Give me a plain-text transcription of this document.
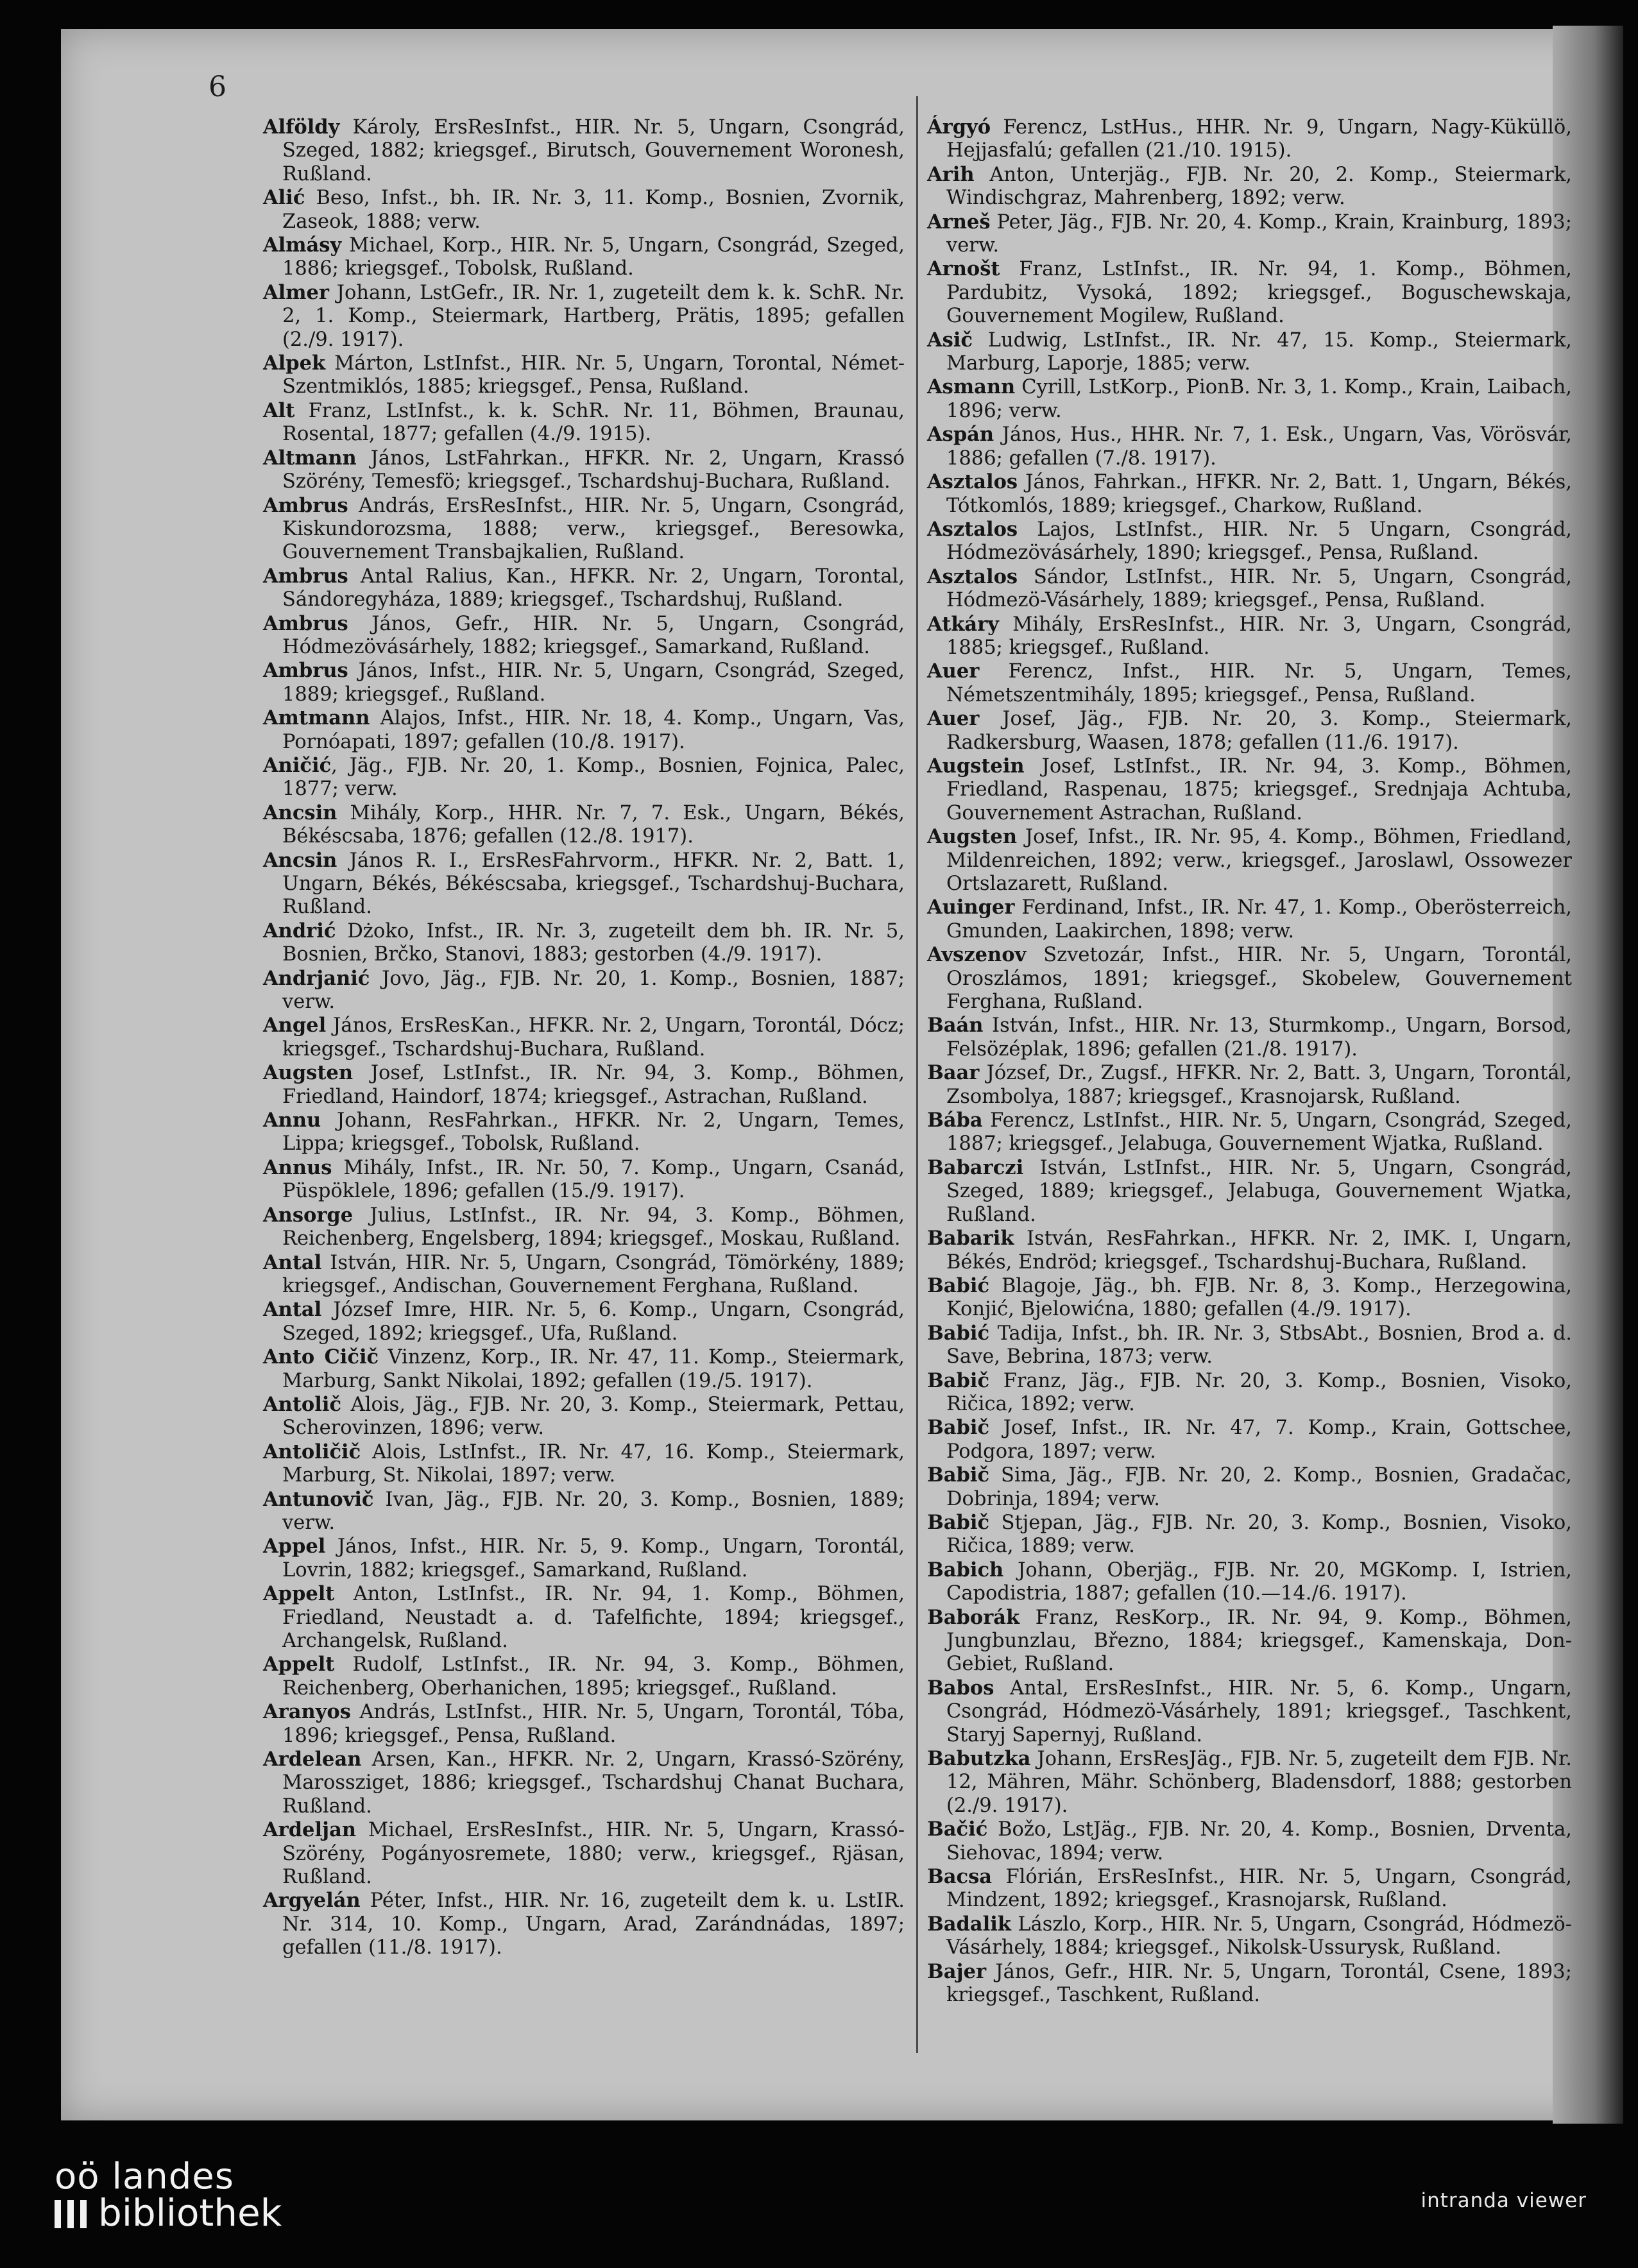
6

Alföldy Károly, ErsResInfst., HIR. Nr. 5, Ungarn, Csongrád, Szeged, 1882; kriegsgef., Birutsch, Gouvernement Woronesh, Rußland.

Alić Beso, Infst., bh. IR. Nr. 3, 11. Komp., Bosnien, Zvornik, Zaseok, 1888; verw.

Almásy Michael, Korp., HIR. Nr. 5, Ungarn, Csongrád, Szeged, 1886; kriegsgef., Tobolsk, Rußland.

Almer Johann, LstGefr., IR. Nr. 1, zugeteilt dem k. k. SchR. Nr. 2, 1. Komp., Steiermark, Hartberg, Prätis, 1895; gefallen (2./9. 1917).

Alpek Márton, LstInfst., HIR. Nr. 5, Ungarn, Torontal, Német-Szentmiklós, 1885; kriegsgef., Pensa, Rußland.

Alt Franz, LstInfst., k. k. SchR. Nr. 11, Böhmen, Braunau, Rosental, 1877; gefallen (4./9. 1915).

Altmann János, LstFahrkan., HFKR. Nr. 2, Ungarn, Krassó Szörény, Temesfö; kriegsgef., Tschardshuj-Buchara, Rußland.

Ambrus András, ErsResInfst., HIR. Nr. 5, Ungarn, Csongrád, Kiskundorozsma, 1888; verw., kriegsgef., Beresowka, Gouvernement Transbajkalien, Rußland.

Ambrus Antal Ralius, Kan., HFKR. Nr. 2, Ungarn, Torontal, Sándoregyháza, 1889; kriegsgef., Tschardshuj, Rußland.

Ambrus János, Gefr., HIR. Nr. 5, Ungarn, Csongrád, Hódmezövásárhely, 1882; kriegsgef., Samarkand, Rußland.

Ambrus János, Infst., HIR. Nr. 5, Ungarn, Csongrád, Szeged, 1889; kriegsgef., Rußland.

Amtmann Alajos, Infst., HIR. Nr. 18, 4. Komp., Ungarn, Vas, Pornóapati, 1897; gefallen (10./8. 1917).

Aničić, Jäg., FJB. Nr. 20, 1. Komp., Bosnien, Fojnica, Palec, 1877; verw.

Ancsin Mihály, Korp., HHR. Nr. 7, 7. Esk., Ungarn, Békés, Békéscsaba, 1876; gefallen (12./8. 1917).

Ancsin János R. I., ErsResFahrvorm., HFKR. Nr. 2, Batt. 1, Ungarn, Békés, Békéscsaba, kriegsgef., Tschardshuj-Buchara, Rußland.

Andrić Dżoko, Infst., IR. Nr. 3, zugeteilt dem bh. IR. Nr. 5, Bosnien, Brčko, Stanovi, 1883; gestorben (4./9. 1917).

Andrjanić Jovo, Jäg., FJB. Nr. 20, 1. Komp., Bosnien, 1887; verw.

Angel János, ErsResKan., HFKR. Nr. 2, Ungarn, Torontál, Dócz; kriegsgef., Tschardshuj-Buchara, Rußland.

Augsten Josef, LstInfst., IR. Nr. 94, 3. Komp., Böhmen, Friedland, Haindorf, 1874; kriegsgef., Astrachan, Rußland.

Annu Johann, ResFahrkan., HFKR. Nr. 2, Ungarn, Temes, Lippa; kriegsgef., Tobolsk, Rußland.

Annus Mihály, Infst., IR. Nr. 50, 7. Komp., Ungarn, Csanád, Püspöklele, 1896; gefallen (15./9. 1917).

Ansorge Julius, LstInfst., IR. Nr. 94, 3. Komp., Böhmen, Reichenberg, Engelsberg, 1894; kriegsgef., Moskau, Rußland.

Antal István, HIR. Nr. 5, Ungarn, Csongrád, Tömörkény, 1889; kriegsgef., Andischan, Gouvernement Ferghana, Rußland.

Antal József Imre, HIR. Nr. 5, 6. Komp., Ungarn, Csongrád, Szeged, 1892; kriegsgef., Ufa, Rußland.

Anto Cičič Vinzenz, Korp., IR. Nr. 47, 11. Komp., Steiermark, Marburg, Sankt Nikolai, 1892; gefallen (19./5. 1917).

Antolič Alois, Jäg., FJB. Nr. 20, 3. Komp., Steiermark, Pettau, Scherovinzen, 1896; verw.

Antoličič Alois, LstInfst., IR. Nr. 47, 16. Komp., Steiermark, Marburg, St. Nikolai, 1897; verw.

Antunovič Ivan, Jäg., FJB. Nr. 20, 3. Komp., Bosnien, 1889; verw.

Appel János, Infst., HIR. Nr. 5, 9. Komp., Ungarn, Torontál, Lovrin, 1882; kriegsgef., Samarkand, Rußland.

Appelt Anton, LstInfst., IR. Nr. 94, 1. Komp., Böhmen, Friedland, Neustadt a. d. Tafelfichte, 1894; kriegsgef., Archangelsk, Rußland.

Appelt Rudolf, LstInfst., IR. Nr. 94, 3. Komp., Böhmen, Reichenberg, Oberhanichen, 1895; kriegsgef., Rußland.

Aranyos András, LstInfst., HIR. Nr. 5, Ungarn, Torontál, Tóba, 1896; kriegsgef., Pensa, Rußland.

Ardelean Arsen, Kan., HFKR. Nr. 2, Ungarn, Krassó-Szörény, Marossziget, 1886; kriegsgef., Tschardshuj Chanat Buchara, Rußland.

Ardeljan Michael, ErsResInfst., HIR. Nr. 5, Ungarn, Krassó-Szörény, Pogányosremete, 1880; verw., kriegsgef., Rjäsan, Rußland.

Argyelán Péter, Infst., HIR. Nr. 16, zugeteilt dem k. u. LstIR. Nr. 314, 10. Komp., Ungarn, Arad, Zarándnádas, 1897; gefallen (11./8. 1917).

Árgyó Ferencz, LstHus., HHR. Nr. 9, Ungarn, Nagy-Küküllö, Hejjasfalú; gefallen (21./10. 1915).

Arih Anton, Unterjäg., FJB. Nr. 20, 2. Komp., Steiermark, Windischgraz, Mahrenberg, 1892; verw.

Arneš Peter, Jäg., FJB. Nr. 20, 4. Komp., Krain, Krainburg, 1893; verw.

Arnošt Franz, LstInfst., IR. Nr. 94, 1. Komp., Böhmen, Pardubitz, Vysoká, 1892; kriegsgef., Boguschewskaja, Gouvernement Mogilew, Rußland.

Asič Ludwig, LstInfst., IR. Nr. 47, 15. Komp., Steiermark, Marburg, Laporje, 1885; verw.

Asmann Cyrill, LstKorp., PionB. Nr. 3, 1. Komp., Krain, Laibach, 1896; verw.

Aspán János, Hus., HHR. Nr. 7, 1. Esk., Ungarn, Vas, Vörösvár, 1886; gefallen (7./8. 1917).

Asztalos János, Fahrkan., HFKR. Nr. 2, Batt. 1, Ungarn, Békés, Tótkomlós, 1889; kriegsgef., Charkow, Rußland.

Asztalos Lajos, LstInfst., HIR. Nr. 5 Ungarn, Csongrád, Hódmezövásárhely, 1890; kriegsgef., Pensa, Rußland.

Asztalos Sándor, LstInfst., HIR. Nr. 5, Ungarn, Csongrád, Hódmezö-Vásárhely, 1889; kriegsgef., Pensa, Rußland.

Atkáry Mihály, ErsResInfst., HIR. Nr. 3, Ungarn, Csongrád, 1885; kriegsgef., Rußland.

Auer Ferencz, Infst., HIR. Nr. 5, Ungarn, Temes, Németszentmihály, 1895; kriegsgef., Pensa, Rußland.

Auer Josef, Jäg., FJB. Nr. 20, 3. Komp., Steiermark, Radkersburg, Waasen, 1878; gefallen (11./6. 1917).

Augstein Josef, LstInfst., IR. Nr. 94, 3. Komp., Böhmen, Friedland, Raspenau, 1875; kriegsgef., Srednjaja Achtuba, Gouvernement Astrachan, Rußland.

Augsten Josef, Infst., IR. Nr. 95, 4. Komp., Böhmen, Friedland, Mildenreichen, 1892; verw., kriegsgef., Jaroslawl, Ossowezer Ortslazarett, Rußland.

Auinger Ferdinand, Infst., IR. Nr. 47, 1. Komp., Oberösterreich, Gmunden, Laakirchen, 1898; verw.

Avszenov Szvetozár, Infst., HIR. Nr. 5, Ungarn, Torontál, Oroszlámos, 1891; kriegsgef., Skobelew, Gouvernement Ferghana, Rußland.

Baán István, Infst., HIR. Nr. 13, Sturmkomp., Ungarn, Borsod, Felsözéplak, 1896; gefallen (21./8. 1917).

Baar József, Dr., Zugsf., HFKR. Nr. 2, Batt. 3, Ungarn, Torontál, Zsombolya, 1887; kriegsgef., Krasnojarsk, Rußland.

Bába Ferencz, LstInfst., HIR. Nr. 5, Ungarn, Csongrád, Szeged, 1887; kriegsgef., Jelabuga, Gouvernement Wjatka, Rußland.

Babarczi István, LstInfst., HIR. Nr. 5, Ungarn, Csongrád, Szeged, 1889; kriegsgef., Jelabuga, Gouvernement Wjatka, Rußland.

Babarik István, ResFahrkan., HFKR. Nr. 2, IMK. I, Ungarn, Békés, Endröd; kriegsgef., Tschardshuj-Buchara, Rußland.

Babić Blagoje, Jäg., bh. FJB. Nr. 8, 3. Komp., Herzegowina, Konjić, Bjelowićna, 1880; gefallen (4./9. 1917).

Babić Tadija, Infst., bh. IR. Nr. 3, StbsAbt., Bosnien, Brod a. d. Save, Bebrina, 1873; verw.

Babič Franz, Jäg., FJB. Nr. 20, 3. Komp., Bosnien, Visoko, Ričica, 1892; verw.

Babič Josef, Infst., IR. Nr. 47, 7. Komp., Krain, Gottschee, Podgora, 1897; verw.

Babič Sima, Jäg., FJB. Nr. 20, 2. Komp., Bosnien, Gradačac, Dobrinja, 1894; verw.

Babič Stjepan, Jäg., FJB. Nr. 20, 3. Komp., Bosnien, Visoko, Ričica, 1889; verw.

Babich Johann, Oberjäg., FJB. Nr. 20, MGKomp. I, Istrien, Capodistria, 1887; gefallen (10.—14./6. 1917).

Baborák Franz, ResKorp., IR. Nr. 94, 9. Komp., Böhmen, Jungbunzlau, Březno, 1884; kriegsgef., Kamenskaja, Don-Gebiet, Rußland.

Babos Antal, ErsResInfst., HIR. Nr. 5, 6. Komp., Ungarn, Csongrád, Hódmezö-Vásárhely, 1891; kriegsgef., Taschkent, Staryj Sapernyj, Rußland.

Babutzka Johann, ErsResJäg., FJB. Nr. 5, zugeteilt dem FJB. Nr. 12, Mähren, Mähr. Schönberg, Bladensdorf, 1888; gestorben (2./9. 1917).

Bačić Božo, LstJäg., FJB. Nr. 20, 4. Komp., Bosnien, Drventa, Siehovac, 1894; verw.

Bacsa Flórián, ErsResInfst., HIR. Nr. 5, Ungarn, Csongrád, Mindzent, 1892; kriegsgef., Krasnojarsk, Rußland.

Badalik Lászlo, Korp., HIR. Nr. 5, Ungarn, Csongrád, Hódmezö-Vásárhely, 1884; kriegsgef., Nikolsk-Ussurysk, Rußland.

Bajer János, Gefr., HIR. Nr. 5, Ungarn, Torontál, Csene, 1893; kriegsgef., Taschkent, Rußland.

oö landes
bibliothek	intranda viewer
